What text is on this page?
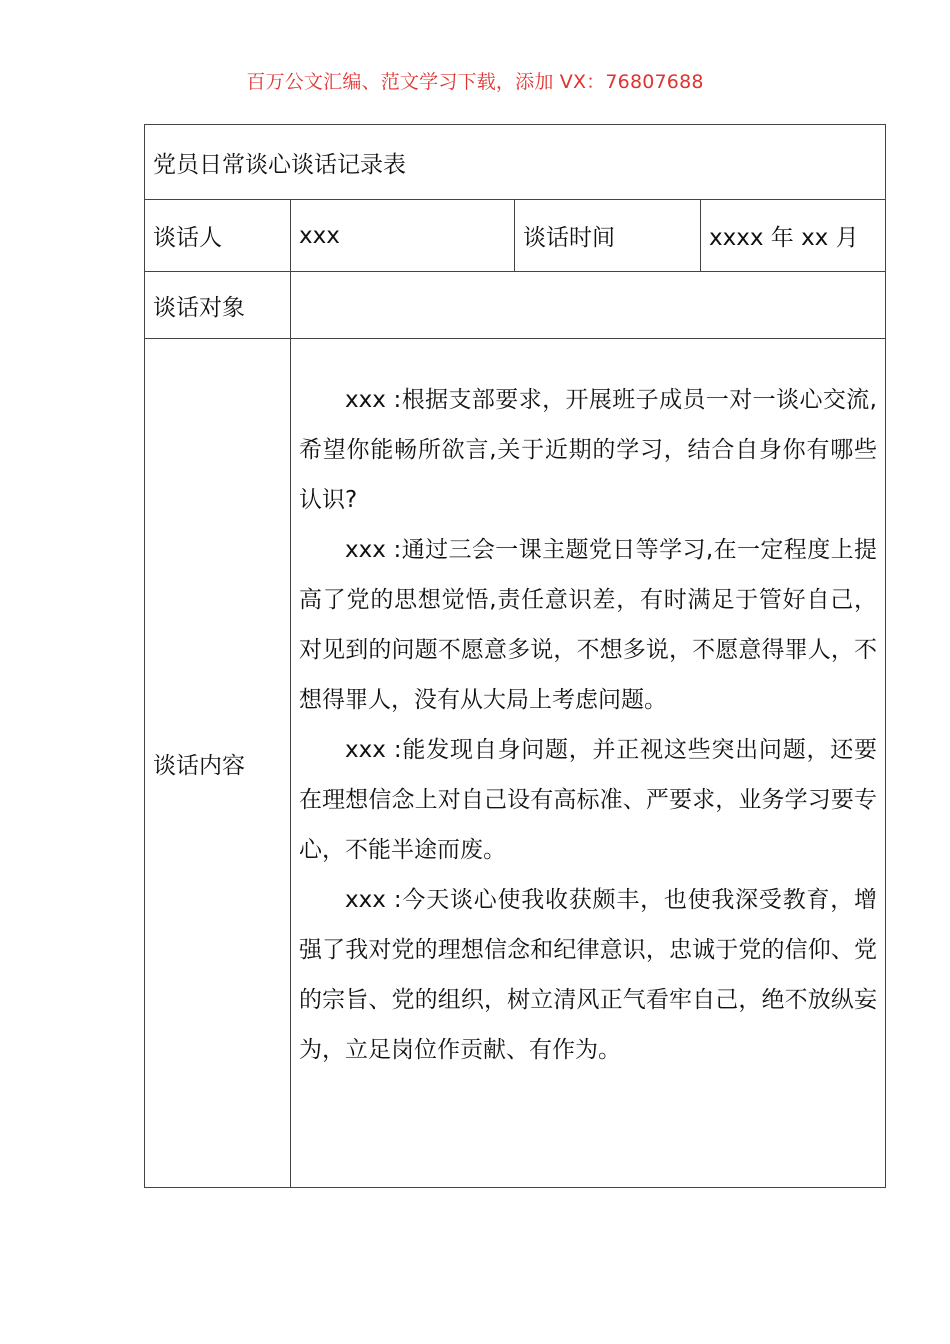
百万公文汇编、范文学习下载，添加 VX：76807688
党员日常谈心谈话记录表			
谈话人	xxx	谈话时间	xxxx 年 xx 月
谈话对象			
谈话内容	xxx :根据支部要求，开展班子成员一对一谈心交流,希望你能畅所欲言,关于近期的学习，结合自身你有哪些认识?

xxx :通过三会一课主题党日等学习,在一定程度上提高了党的思想觉悟,责任意识差，有时满足于管好自己，对见到的问题不愿意多说，不想多说，不愿意得罪人，不想得罪人，没有从大局上考虑问题。

xxx :能发现自身问题，并正视这些突出问题，还要在理想信念上对自己设有高标准、严要求，业务学习要专心，不能半途而废。

xxx :今天谈心使我收获颇丰，也使我深受教育，增强了我对党的理想信念和纪律意识，忠诚于党的信仰、党的宗旨、党的组织，树立清风正气看牢自己，绝不放纵妄为，立足岗位作贡献、有作为。		
